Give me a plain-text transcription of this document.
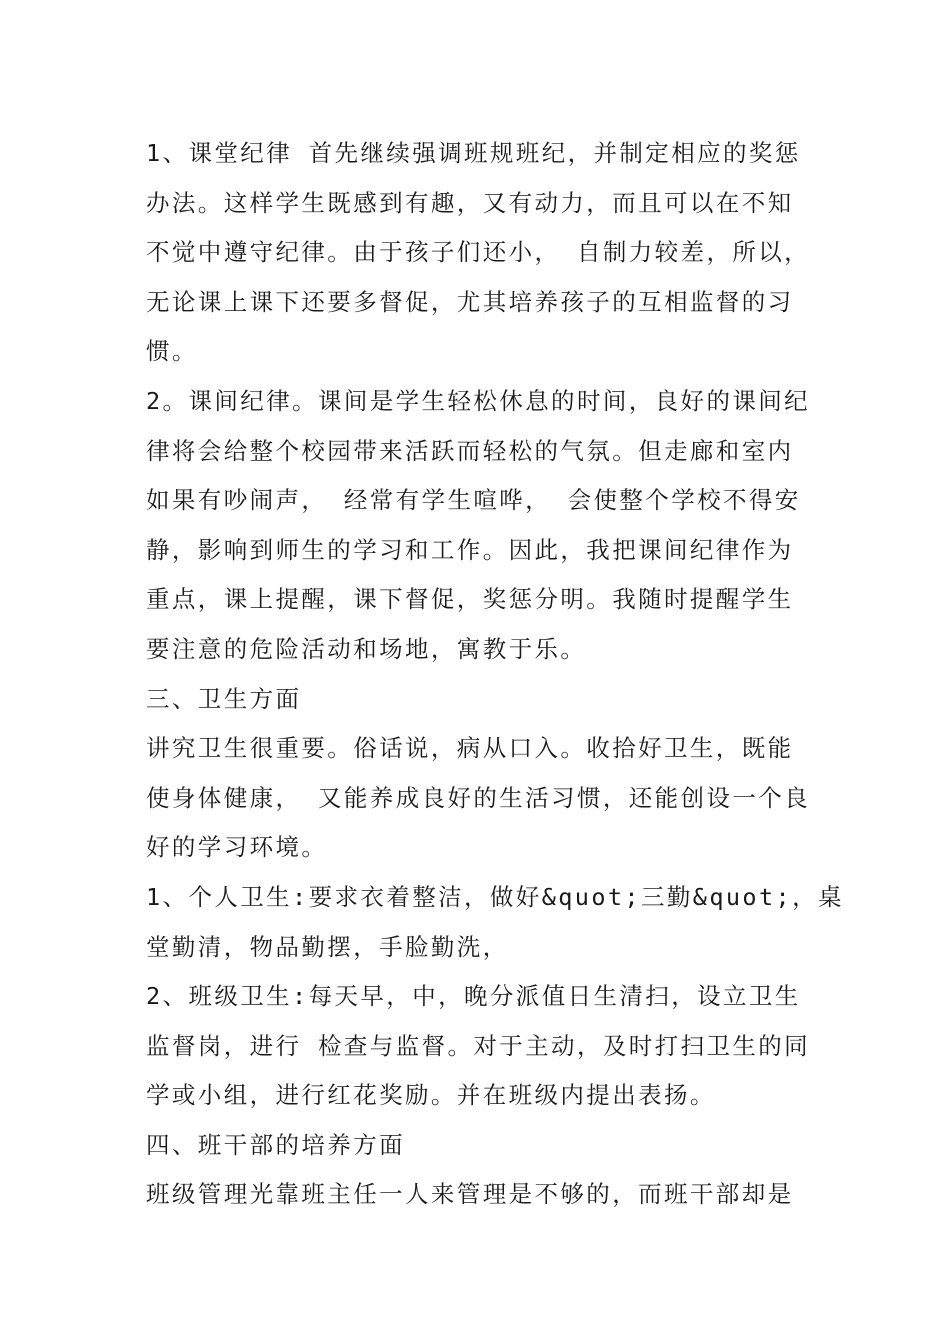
1、课堂纪律 首先继续强调班规班纪，并制定相应的奖惩
办法。这样学生既感到有趣，又有动力，而且可以在不知
不觉中遵守纪律。由于孩子们还小， 自制力较差，所以，
无论课上课下还要多督促，尤其培养孩子的互相监督的习
惯。
2。课间纪律。课间是学生轻松休息的时间，良好的课间纪
律将会给整个校园带来活跃而轻松的气氛。但走廊和室内
如果有吵闹声， 经常有学生喧哗， 会使整个学校不得安
静，影响到师生的学习和工作。因此，我把课间纪律作为
重点，课上提醒，课下督促，奖惩分明。我随时提醒学生
要注意的危险活动和场地，寓教于乐。
三、卫生方面
讲究卫生很重要。俗话说，病从口入。收拾好卫生，既能
使身体健康， 又能养成良好的生活习惯，还能创设一个良
好的学习环境。
1、个人卫生:要求衣着整洁，做好&quot;三勤&quot;，桌
堂勤清，物品勤摆，手脸勤洗，
2、班级卫生:每天早，中，晚分派值日生清扫，设立卫生
监督岗，进行 检查与监督。对于主动，及时打扫卫生的同
学或小组，进行红花奖励。并在班级内提出表扬。
四、班干部的培养方面
班级管理光靠班主任一人来管理是不够的，而班干部却是
